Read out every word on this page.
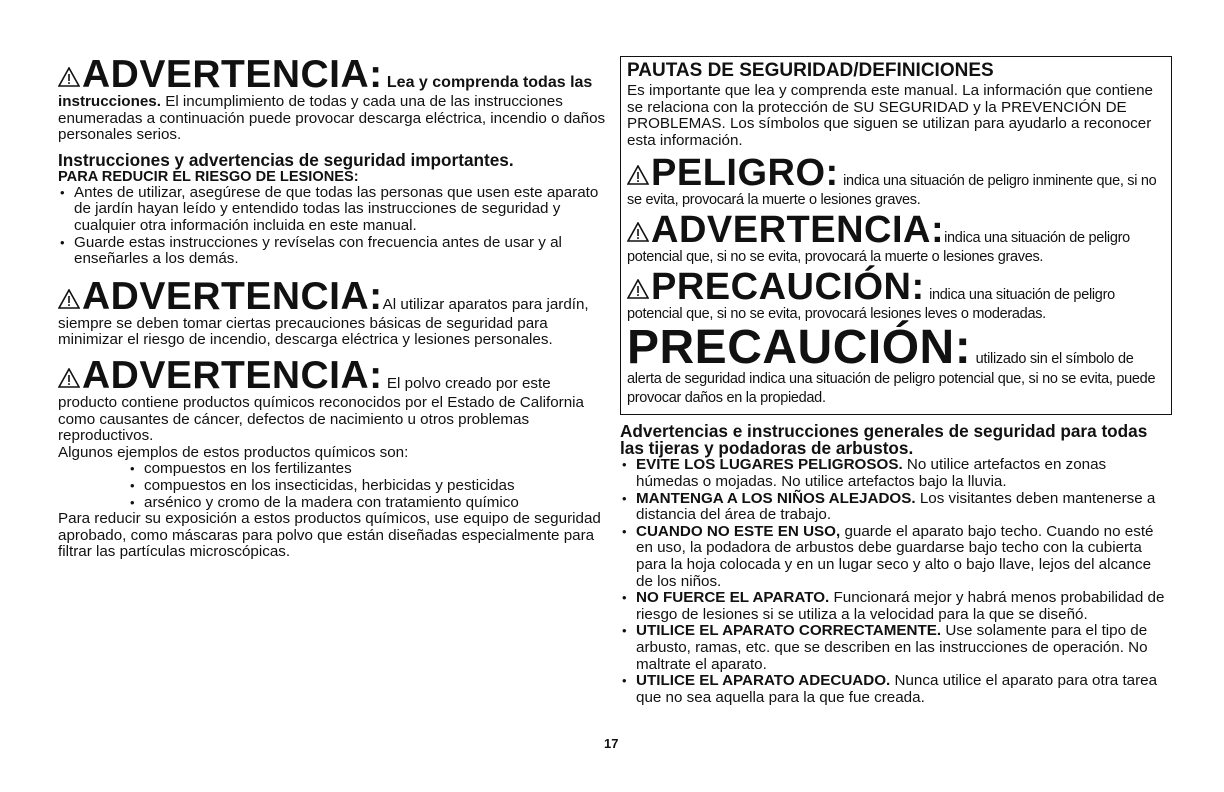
ADVERTENCIA: Lea y comprenda todas las
instrucciones. El incumplimiento de todas y cada una de las instrucciones enumeradas a continuación puede provocar descarga eléctrica, incendio o daños personales serios.

Instrucciones y advertencias de seguridad importantes.
PARA REDUCIR EL RIESGO DE LESIONES:
• Antes de utilizar, asegúrese de que todas las personas que usen este aparato de jardín hayan leído y entendido todas las instrucciones de seguridad y cualquier otra información incluida en este manual.
• Guarde estas instrucciones y revíselas con frecuencia antes de usar y al enseñarles a los demás.

ADVERTENCIA:Al utilizar aparatos para jardín, siempre se deben tomar ciertas precauciones básicas de seguridad para minimizar el riesgo de incendio, descarga eléctrica y lesiones personales.

ADVERTENCIA: El polvo creado por este producto contiene productos químicos reconocidos por el Estado de California como causantes de cáncer, defectos de nacimiento u otros problemas reproductivos.

Algunos ejemplos de estos productos químicos son:

• compuestos en los fertilizantes
• compuestos en los insecticidas, herbicidas y pesticidas
• arsénico y cromo de la madera con tratamiento químico

Para reducir su exposición a estos productos químicos, use equipo de seguridad aprobado, como máscaras para polvo que están diseñadas especialmente para filtrar las partículas microscópicas.

PAUTAS DE SEGURIDAD/DEFINICIONES

Es importante que lea y comprenda este manual. La información que contiene se relaciona con la protección de SU SEGURIDAD y la PREVENCIÓN DE PROBLEMAS. Los símbolos que siguen se utilizan para ayudarlo a reconocer esta información.

PELIGRO: indica una situación de peligro inminente que, si no se evita, provocará la muerte o lesiones graves.
ADVERTENCIA:indica una situación de peligro potencial que, si no se evita, provocará la muerte o lesiones graves.
PRECAUCIÓN: indica una situación de peligro potencial que, si no se evita, provocará lesiones leves o moderadas.
PRECAUCIÓN: utilizado sin el símbolo de alerta de seguridad indica una situación de peligro potencial que, si no se evita, puede provocar daños en la propiedad.
Advertencias e instrucciones generales de seguridad para todas las tijeras y podadoras de arbustos.
• EVITE LOS LUGARES PELIGROSOS. No utilice artefactos en zonas húmedas o mojadas. No utilice artefactos bajo la lluvia.
• MANTENGA A LOS NIÑOS ALEJADOS. Los visitantes deben mantenerse a distancia del área de trabajo.
• CUANDO NO ESTE EN USO, guarde el aparato bajo techo. Cuando no esté en uso, la podadora de arbustos debe guardarse bajo techo con la cubierta para la hoja colocada y en un lugar seco y alto o bajo llave, lejos del alcance de los niños.
• NO FUERCE EL APARATO. Funcionará mejor y habrá menos probabilidad de riesgo de lesiones si se utiliza a la velocidad para la que se diseñó.
• UTILICE EL APARATO CORRECTAMENTE. Use solamente para el tipo de arbusto, ramas, etc. que se describen en las instrucciones de operación. No maltrate el aparato.
• UTILICE EL APARATO ADECUADO. Nunca utilice el aparato para otra tarea que no sea aquella para la que fue creada.
17
